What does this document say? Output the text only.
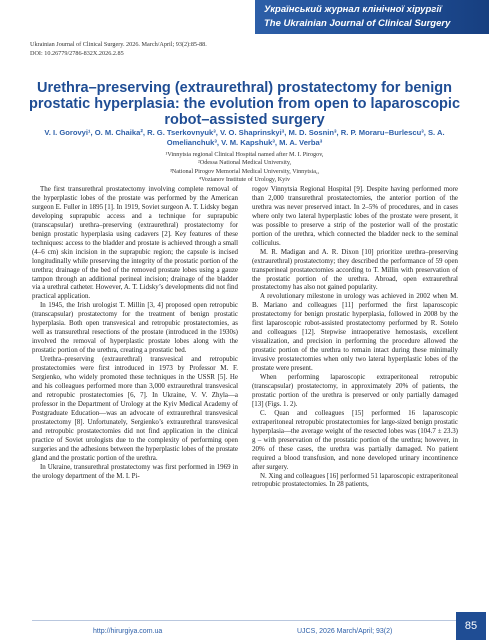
Український журнал клінічної хірургії
The Ukrainian Journal of Clinical Surgery
Ukrainian Journal of Clinical Surgery. 2026. March/April; 93(2):85-88.
DOI: 10.26779/2786-832X.2026.2.85
Urethra–preserving (extraurethral) prostatectomy for benign prostatic hyperplasia: the evolution from open to laparoscopic robot–assisted surgery
V. I. Gorovyi¹, O. M. Chaika², R. G. Tserkovnyuk³, V. O. Shaprinskyi³, M. D. Sosnin³, R. P. Moraru–Burlescu³, S. A. Omelianchuk³, V. M. Kapshuk³, M. A. Verba³
¹Vinnytsia regional Clinical Hospital named after M. I. Pirogov,
²Odessa National Medical University,
³National Pirogov Memorial Medical University, Vinnytsia,,
⁴Vozianov Institute of Urology, Kyiv

The first transurethral prostatectomy involving complete removal of the hyperplastic lobes of the prostate was performed by the American surgeon E. Fuller in 1895 [1]. In 1919, Soviet surgeon A. T. Lidsky began developing suprapubic access and a technique for suprapubic (transcapsular) urethra–preserving (extraurethral) prostatectomy for benign prostatic hyperplasia using cadavers [2]. Key features of these techniques: access to the bladder and prostate is achieved through a small (4–6 cm) skin incision in the suprapubic region; the capsule is incised longitudinally while preserving the integrity of the prostatic portion of the urethra; drainage of the bed of the removed prostate lobes using a gauze tampon through an additional perineal incision; drainage of the bladder via a urethral catheter. However, A. T. Lidsky’s developments did not find practical application.

In 1945, the Irish urologist T. Millin [3, 4] proposed open retropubic (transcapsular) prostatectomy for the treatment of benign prostatic hyperplasia. Both open transvesical and retropubic prostatectomies, as well as transurethral resections of the prostate (introduced in the 1930s) involved the removal of hyperplastic prostate lobes along with the prostatic portion of the urethra, creating a prostatic bed.

Urethra–preserving (extraurethral) transvesical and retropubic prostatectomies were first introduced in 1973 by Professor M. F. Sergienko, who widely promoted these techniques in the USSR [5]. He and his colleagues performed more than 3,000 extraurethral transvesical and retropubic prostatectomies [6, 7]. In Ukraine, V. V. Zhyla—a professor in the Department of Urology at the Kyiv Medical Academy of Postgraduate Education—was an advocate of extraurethral transvesical prostatectomy [8]. Unfortunately, Sergienko’s extraurethral transvesical and retropubic prostatectomies did not find application in the clinical practice of Soviet urologists due to the complexity of performing open surgeries and the adhesions between the hyperplastic lobes of the prostate gland and the prostatic portion of the urethra.

In Ukraine, transurethral prostatectomy was first performed in 1969 in the urology department of the M. I. Pi-

rogov Vinnytsia Regional Hospital [9]. Despite having performed more than 2,000 transurethral prostatectomies, the anterior portion of the urethra was never preserved intact. In 2–5% of procedures, and in cases where only two lateral hyperplastic lobes of the prostate were present, it was possible to preserve a strip of the posterior wall of the prostatic portion of the urethra, which connected the bladder neck to the seminal colliculus.

M. R. Madigan and A. R. Dixon [10] prioritize urethra–preserving (extraurethral) prostatectomy; they described the performance of 59 open transperineal prostatectomies according to T. Millin with preservation of the prostatic portion of the urethra. Abroad, open extraurethral prostatectomy has also not gained popularity.

A revolutionary milestone in urology was achieved in 2002 when M. B. Mariano and colleagues [11] performed the first laparoscopic prostatectomy for benign prostatic hyperplasia, followed in 2008 by the first laparoscopic robot-assisted prostatectomy performed by R. Sotelo and colleagues [12]. Stepwise intraoperative hemostasis, excellent visualization, and precision in performing the procedure allowed the prostatic portion of the urethra to remain intact during these minimally invasive prostatectomies when only two lateral hyperplastic lobes of the prostate were present.

When performing laparoscopic extraperitoneal retropubic (transcapsular) prostatectomy, in approximately 20% of patients, the prostatic portion of the urethra is preserved or only partially damaged [13] (Figs. 1. 2).

C. Quan and colleagues [15] performed 16 laparoscopic extraperitoneal retropubic prostatectomies for large-sized benign prostatic hyperplasia—the average weight of the resected lobes was (104.7 ± 23.3) g – with preservation of the prostatic portion of the urethra; however, in 20% of these cases, the urethra was partially damaged. No patient required a blood transfusion, and none developed urinary incontinence after surgery.

N. Xing and colleagues [16] performed 51 laparoscopic extraperitoneal retropubic prostatectomies. In 28 patients,

http://hirurgiya.com.ua	UJCS, 2026 March/April; 93(2)	85
